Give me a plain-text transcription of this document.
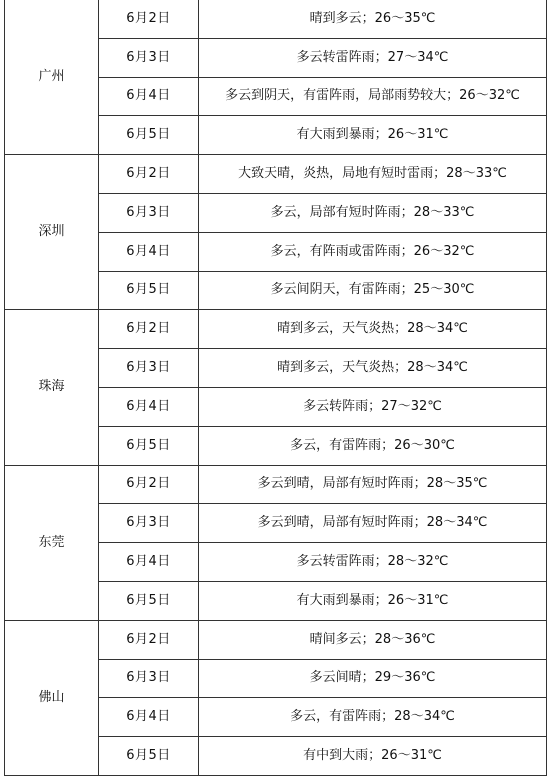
广州	6月2日	晴到多云；26～35℃
	6月3日	多云转雷阵雨；27～34℃
	6月4日	多云到阴天，有雷阵雨，局部雨势较大；26～32℃
	6月5日	有大雨到暴雨；26～31℃
深圳	6月2日	大致天晴，炎热，局地有短时雷雨；28～33℃
	6月3日	多云，局部有短时阵雨；28～33℃
	6月4日	多云，有阵雨或雷阵雨；26～32℃
	6月5日	多云间阴天，有雷阵雨；25～30℃
珠海	6月2日	晴到多云，天气炎热；28～34℃
	6月3日	晴到多云，天气炎热；28～34℃
	6月4日	多云转阵雨；27～32℃
	6月5日	多云，有雷阵雨；26～30℃
东莞	6月2日	多云到晴，局部有短时阵雨；28～35℃
	6月3日	多云到晴，局部有短时阵雨；28～34℃
	6月4日	多云转雷阵雨；28～32℃
	6月5日	有大雨到暴雨；26～31℃
佛山	6月2日	晴间多云；28～36℃
	6月3日	多云间晴；29～36℃
	6月4日	多云，有雷阵雨；28～34℃
	6月5日	有中到大雨；26～31℃
